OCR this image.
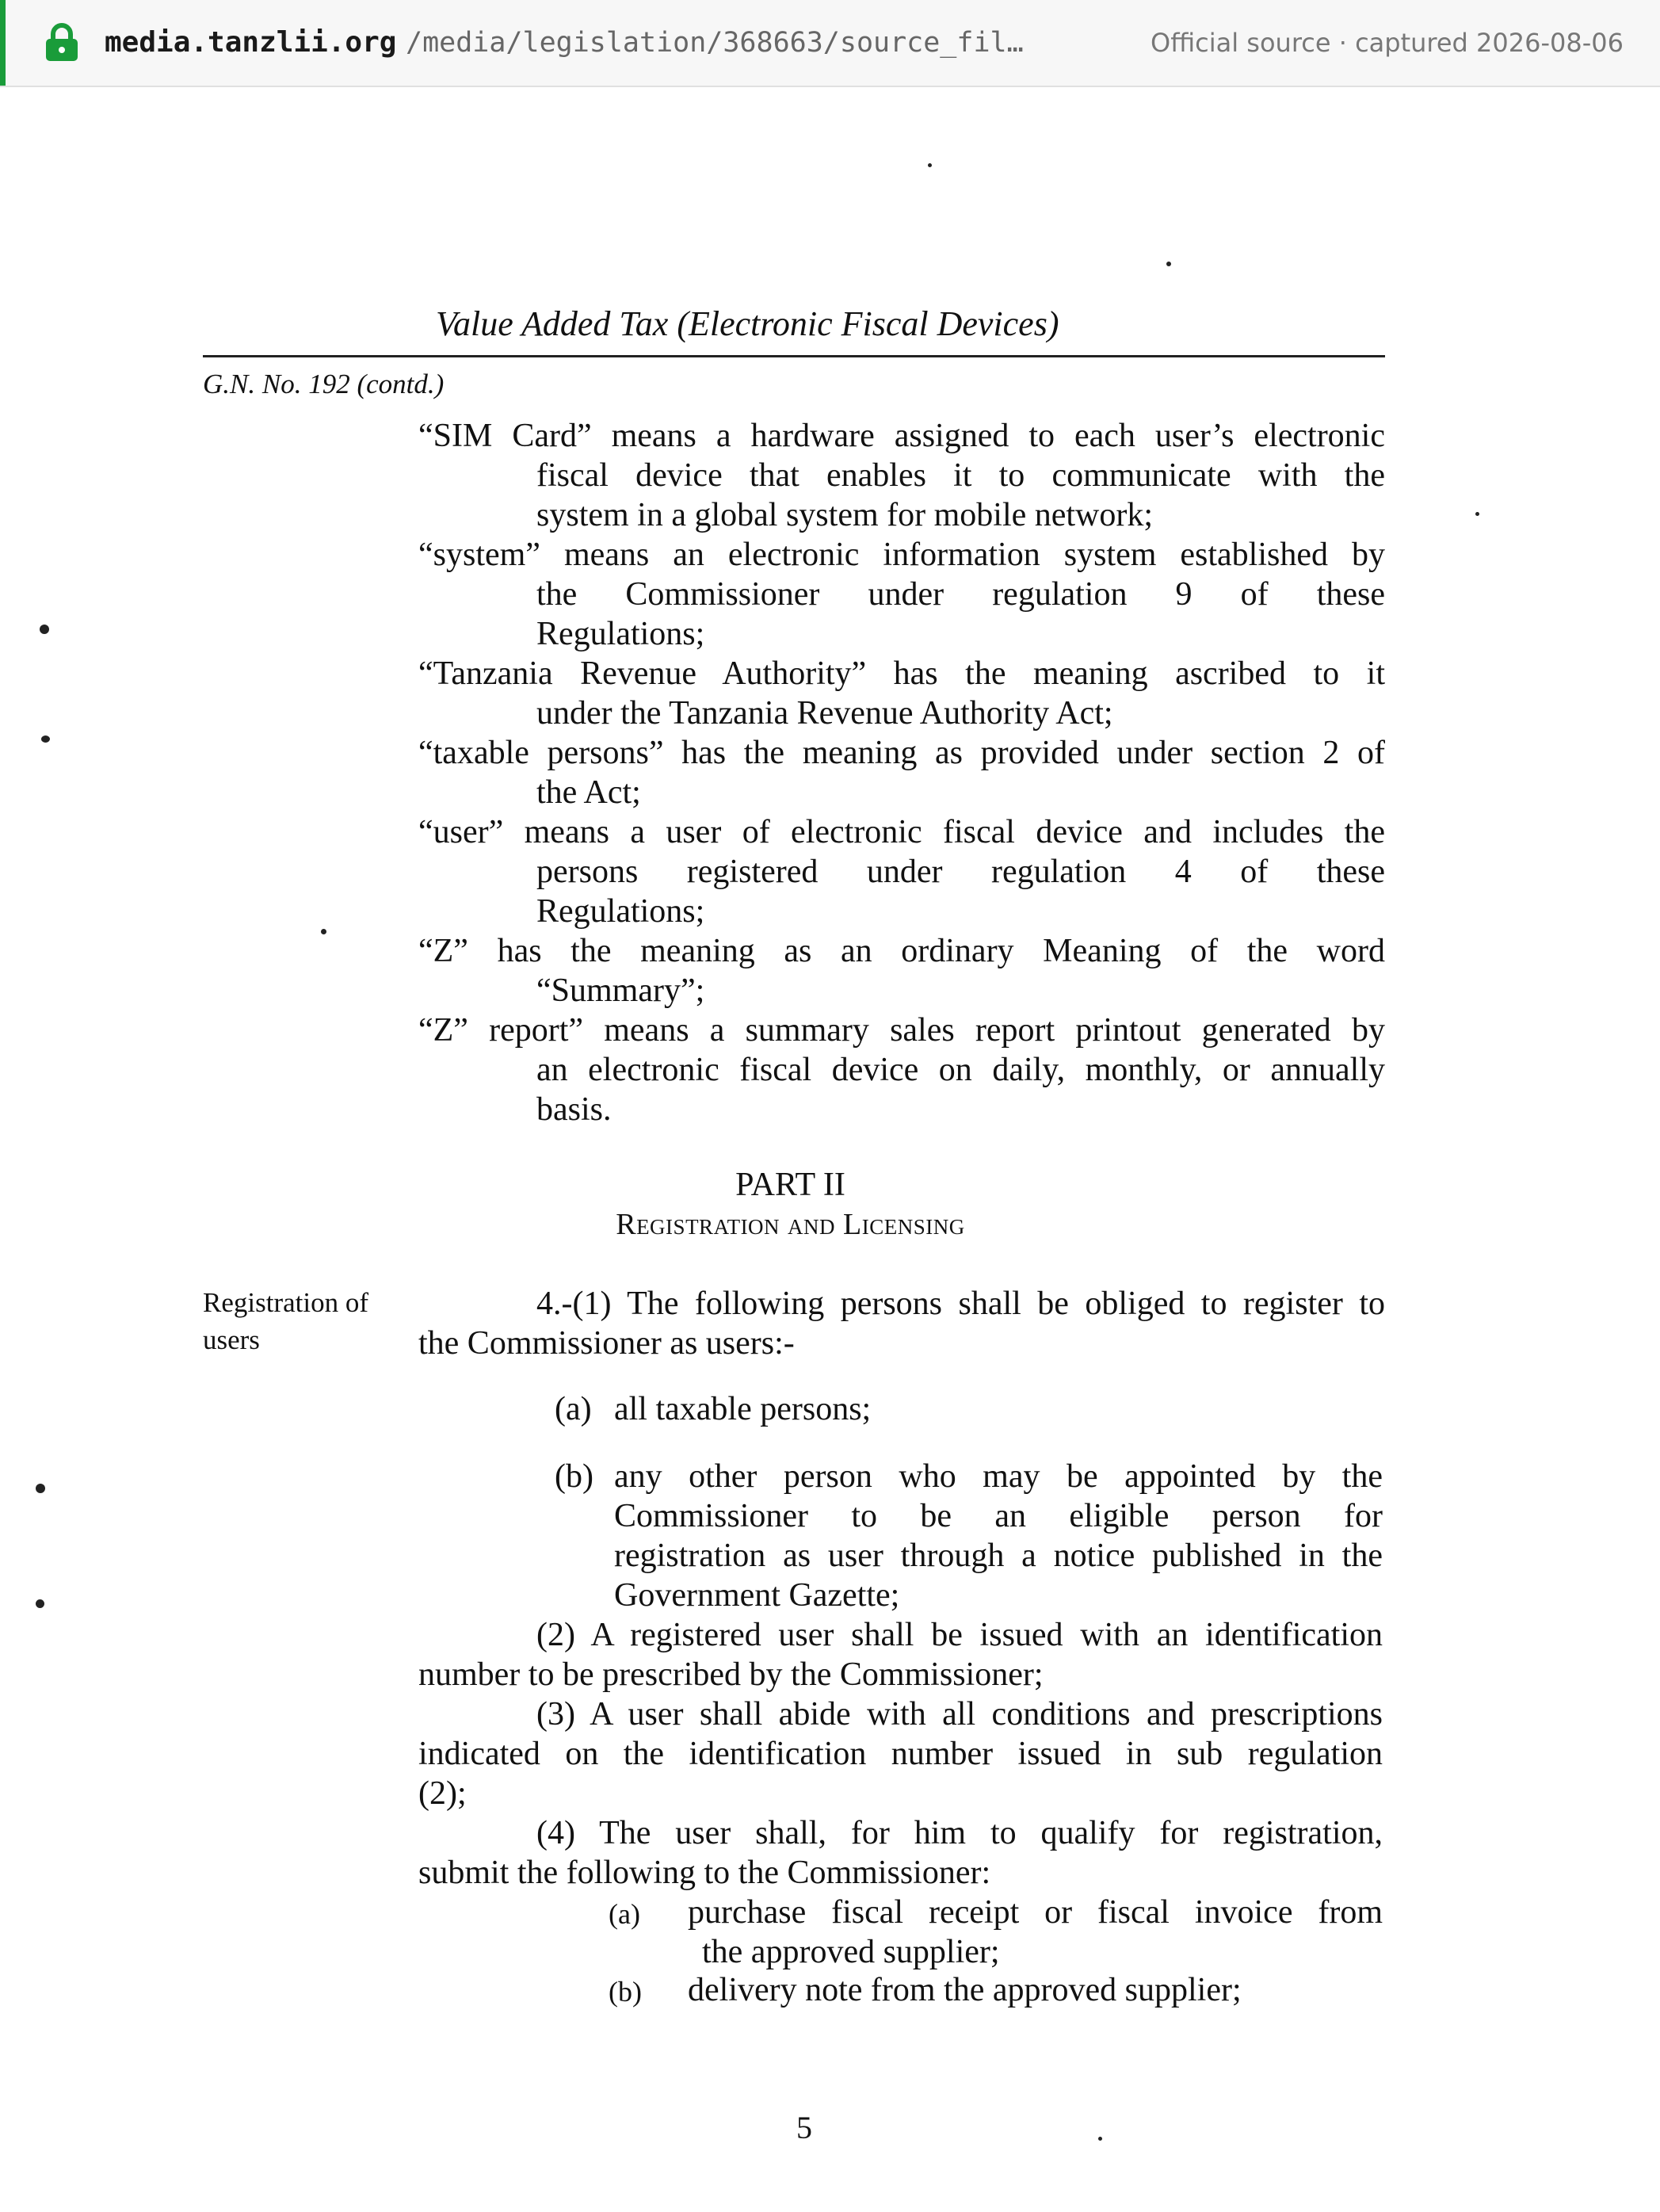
media.tanzlii.org /media/legislation/368663/source_fil…	Official source · captured 2026-08-06
Value Added Tax (Electronic Fiscal Devices)
G.N. No. 192 (contd.)
“SIM Card” means a hardware assigned to each user’s electronic
fiscal device that enables it to communicate with the
system in a global system for mobile network;
“system” means an electronic information system established by
the Commissioner under regulation 9 of these
Regulations;
“Tanzania Revenue Authority” has the meaning ascribed to it
under the Tanzania Revenue Authority Act;
“taxable persons” has the meaning as provided under section 2 of
the Act;
“user” means a user of electronic fiscal device and includes the
persons registered under regulation 4 of these
Regulations;
“Z” has the meaning as an ordinary Meaning of the word
“Summary”;
“Z” report” means a summary sales report printout generated by
an electronic fiscal device on daily, monthly, or annually
basis.
PART II
Registration and Licensing
Registration of
users
4.-(1) The following persons shall be obliged to register to
the Commissioner as users:-
(a) all taxable persons;
(b) any other person who may be appointed by the
Commissioner to be an eligible person for
registration as user through a notice published in the
Government Gazette;
(2) A registered user shall be issued with an identification
number to be prescribed by the Commissioner;
(3) A user shall abide with all conditions and prescriptions
indicated on the identification number issued in sub regulation
(2);
(4) The user shall, for him to qualify for registration,
submit the following to the Commissioner:
(a) purchase fiscal receipt or fiscal invoice from
the approved supplier;
(b) delivery note from the approved supplier;
5
